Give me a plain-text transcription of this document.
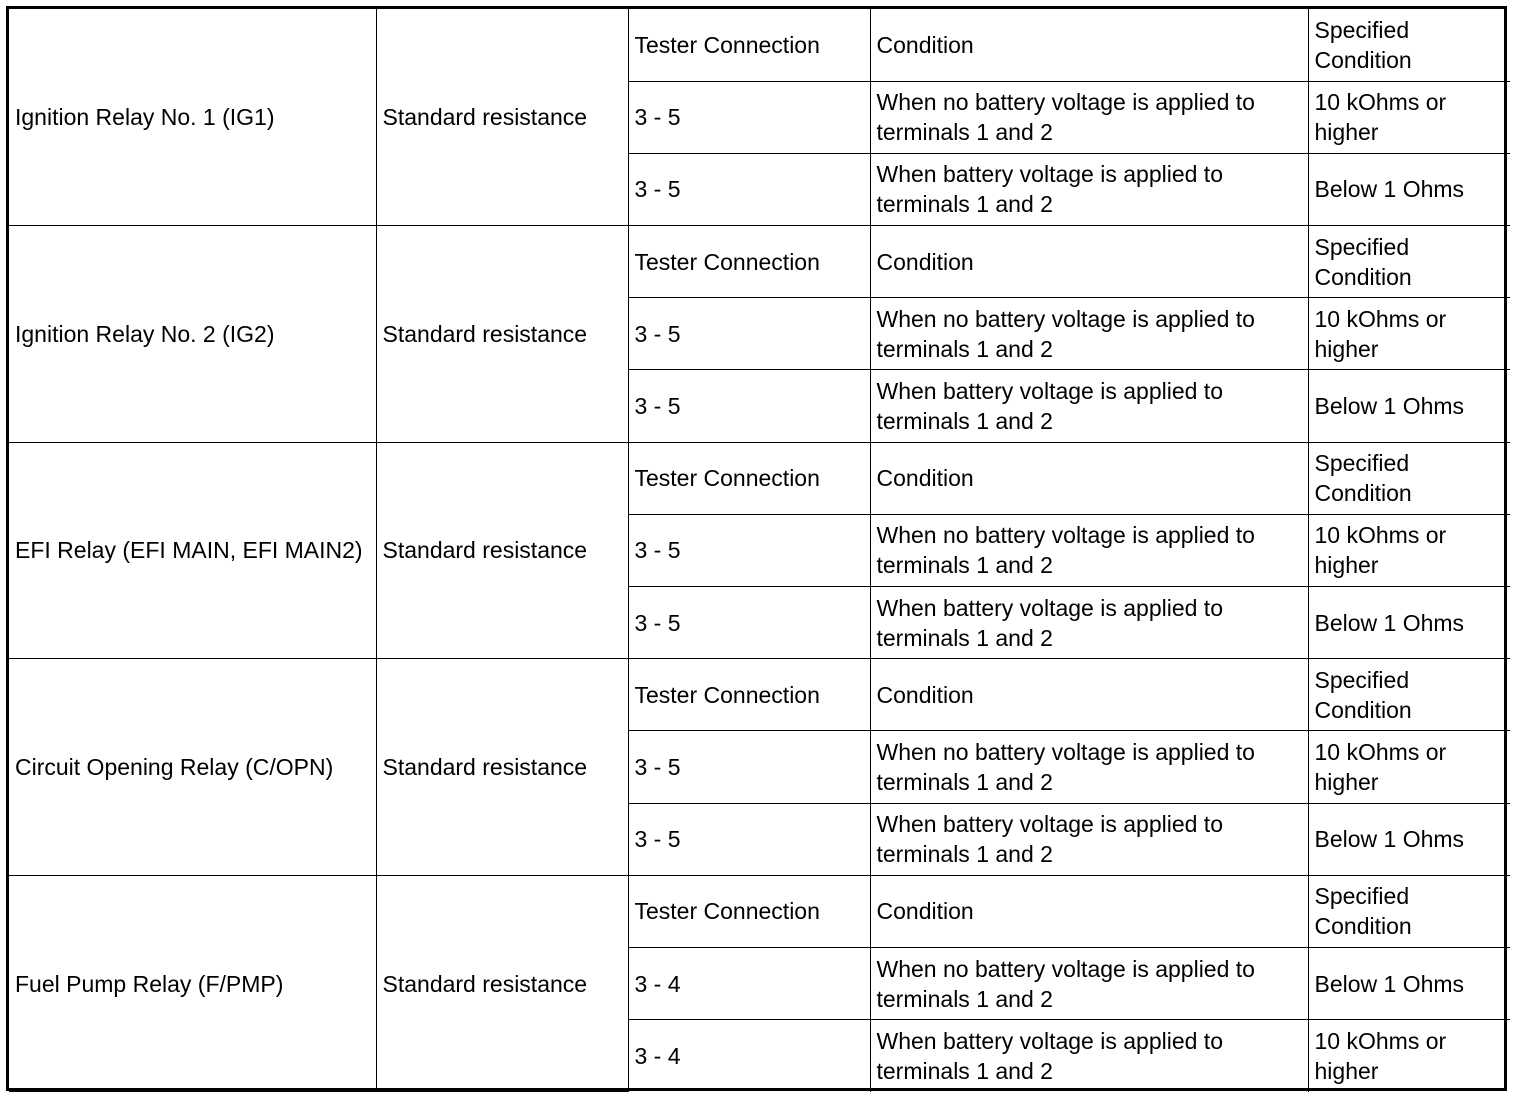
Ignition Relay No. 1 (IG1)	Standard resistance	Tester Connection	Condition	Specified Condition
		3 - 5	When no battery voltage is applied to terminals 1 and 2	10 kOhms or higher
		3 - 5	When battery voltage is applied to terminals 1 and 2	Below 1 Ohms
Ignition Relay No. 2 (IG2)	Standard resistance	Tester Connection	Condition	Specified Condition
		3 - 5	When no battery voltage is applied to terminals 1 and 2	10 kOhms or higher
		3 - 5	When battery voltage is applied to terminals 1 and 2	Below 1 Ohms
EFI Relay (EFI MAIN, EFI MAIN2)	Standard resistance	Tester Connection	Condition	Specified Condition
		3 - 5	When no battery voltage is applied to terminals 1 and 2	10 kOhms or higher
		3 - 5	When battery voltage is applied to terminals 1 and 2	Below 1 Ohms
Circuit Opening Relay (C/OPN)	Standard resistance	Tester Connection	Condition	Specified Condition
		3 - 5	When no battery voltage is applied to terminals 1 and 2	10 kOhms or higher
		3 - 5	When battery voltage is applied to terminals 1 and 2	Below 1 Ohms
Fuel Pump Relay (F/PMP)	Standard resistance	Tester Connection	Condition	Specified Condition
		3 - 4	When no battery voltage is applied to terminals 1 and 2	Below 1 Ohms
		3 - 4	When battery voltage is applied to terminals 1 and 2	10 kOhms or higher
